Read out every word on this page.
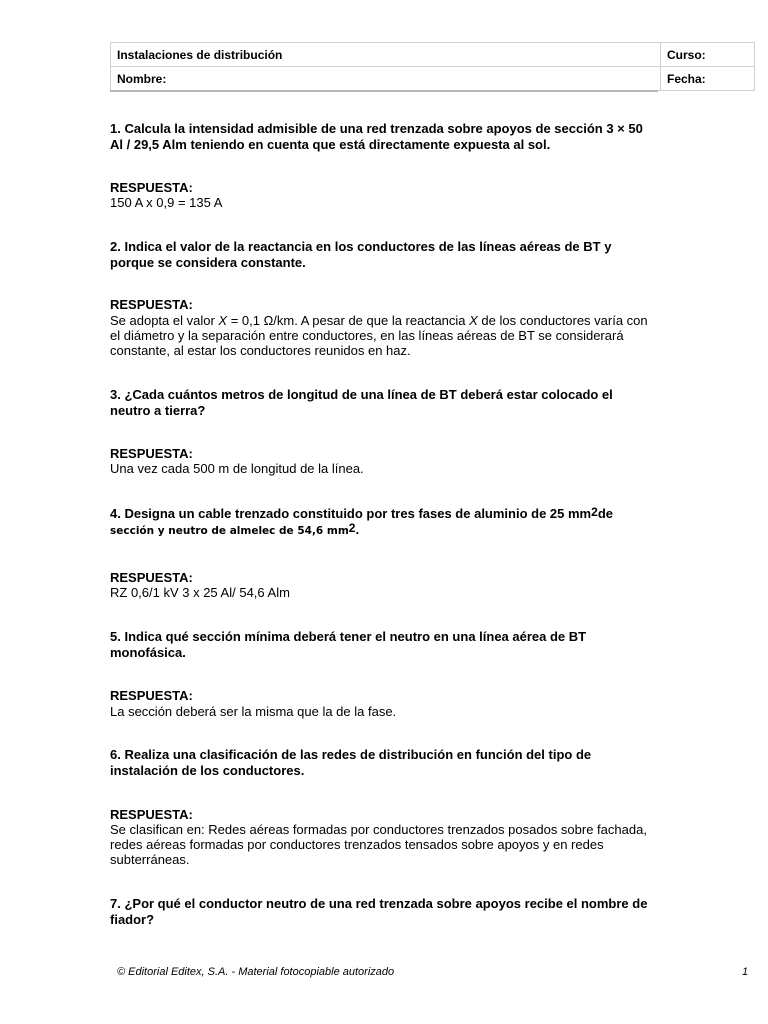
Instalaciones de distribución	Curso:
Nombre:	Fecha:
1. Calcula la intensidad admisible de una red trenzada sobre apoyos de sección 3 × 50 Al / 29,5 Alm teniendo en cuenta que está directamente expuesta al sol.
RESPUESTA:
150 A x 0,9 = 135 A
2. Indica el valor de la reactancia en los conductores de las líneas aéreas de BT y porque se considera constante.
RESPUESTA:
Se adopta el valor X = 0,1 Ω/km. A pesar de que la reactancia X de los conductores varía con el diámetro y la separación entre conductores, en las líneas aéreas de BT se considerará constante, al estar los conductores reunidos en haz.
3. ¿Cada cuántos metros de longitud de una línea de BT deberá estar colocado el neutro a tierra?
RESPUESTA:
Una vez cada 500 m de longitud de la línea.
4. Designa un cable trenzado constituido por tres fases de aluminio de 25 mm2de
sección y neutro de almelec de 54,6 mm2.
RESPUESTA:
RZ 0,6/1 kV 3 x 25 Al/ 54,6 Alm
5. Indica qué sección mínima deberá tener el neutro en una línea aérea de BT monofásica.
RESPUESTA:
La sección deberá ser la misma que la de la fase.
6. Realiza una clasificación de las redes de distribución en función del tipo de instalación de los conductores.
RESPUESTA:
Se clasifican en: Redes aéreas formadas por conductores trenzados posados sobre fachada, redes aéreas formadas por conductores trenzados tensados sobre apoyos y en redes subterráneas.
7. ¿Por qué el conductor neutro de una red trenzada sobre apoyos recibe el nombre de fiador?
© Editorial Editex, S.A. - Material fotocopiable autorizado	1
